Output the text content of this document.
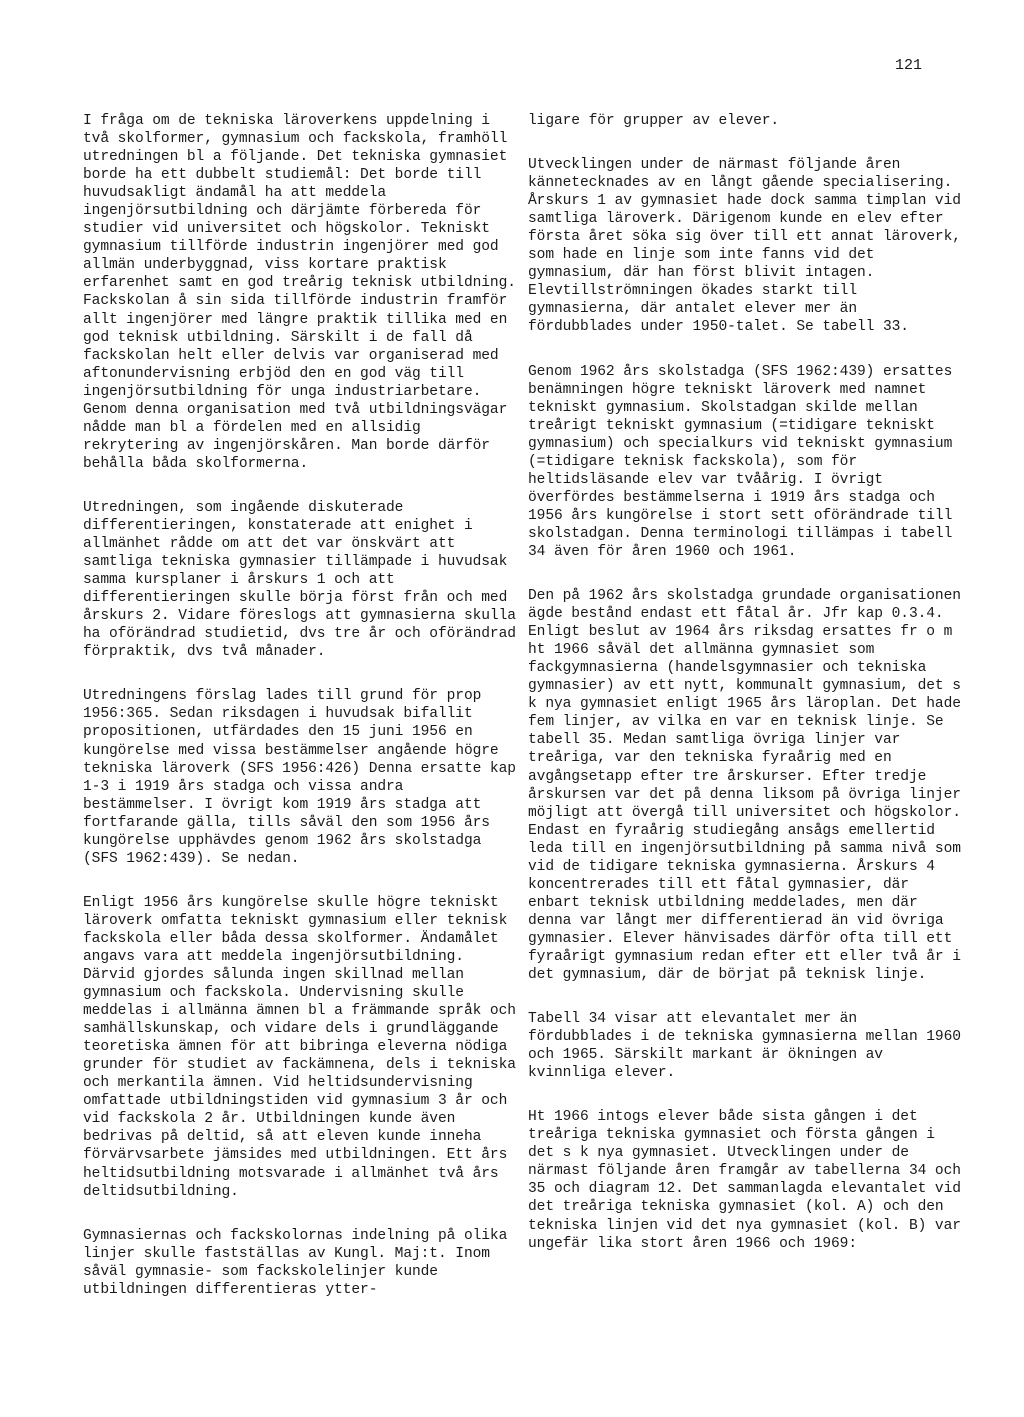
121

I fråga om de tekniska läroverkens uppdelning i två skolformer, gymnasium och fackskola, framhöll utredningen bl a följande. Det tekniska gymnasiet borde ha ett dubbelt studiemål: Det borde till huvudsakligt ändamål ha att meddela ingenjörsutbildning och därjämte förbereda för studier vid universitet och högskolor. Tekniskt gymnasium tillförde industrin ingenjörer med god allmän underbyggnad, viss kortare praktisk erfarenhet samt en god treårig teknisk utbildning. Fackskolan å sin sida tillförde industrin framför allt ingenjörer med längre praktik tillika med en god teknisk utbildning. Särskilt i de fall då fackskolan helt eller delvis var organiserad med aftonundervisning erbjöd den en god väg till ingenjörsutbildning för unga industriarbetare. Genom denna organisation med två utbildningsvägar nådde man bl a fördelen med en allsidig rekrytering av ingenjörskåren. Man borde därför behålla båda skolformerna.

Utredningen, som ingående diskuterade differentieringen, konstaterade att enighet i allmänhet rådde om att det var önskvärt att samtliga tekniska gymnasier tillämpade i huvudsak samma kursplaner i årskurs 1 och att differentieringen skulle börja först från och med årskurs 2. Vidare föreslogs att gymnasierna skulla ha oförändrad studietid, dvs tre år och oförändrad förpraktik, dvs två månader.

Utredningens förslag lades till grund för prop 1956:365. Sedan riksdagen i huvudsak bifallit propositionen, utfärdades den 15 juni 1956 en kungörelse med vissa bestämmelser angående högre tekniska läroverk (SFS 1956:426) Denna ersatte kap 1-3 i 1919 års stadga och vissa andra bestämmelser. I övrigt kom 1919 års stadga att fortfarande gälla, tills såväl den som 1956 års kungörelse upphävdes genom 1962 års skolstadga (SFS 1962:439). Se nedan.

Enligt 1956 års kungörelse skulle högre tekniskt läroverk omfatta tekniskt gymnasium eller teknisk fackskola eller båda dessa skolformer. Ändamålet angavs vara att meddela ingenjörsutbildning. Därvid gjordes sålunda ingen skillnad mellan gymnasium och fackskola. Undervisning skulle meddelas i allmänna ämnen bl a främmande språk och samhällskunskap, och vidare dels i grundläggande teoretiska ämnen för att bibringa eleverna nödiga grunder för studiet av fackämnena, dels i tekniska och merkantila ämnen. Vid heltidsundervisning omfattade utbildningstiden vid gymnasium 3 år och vid fackskola 2 år. Utbildningen kunde även bedrivas på deltid, så att eleven kunde inneha förvärvsarbete jämsides med utbildningen. Ett års heltidsutbildning motsvarade i allmänhet två års deltidsutbildning.

Gymnasiernas och fackskolornas indelning på olika linjer skulle fastställas av Kungl. Maj:t. Inom såväl gymnasie- som fackskolelinjer kunde utbildningen differentieras ytter-

ligare för grupper av elever.

Utvecklingen under de närmast följande åren kännetecknades av en långt gående specialisering. Årskurs 1 av gymnasiet hade dock samma timplan vid samtliga läroverk. Därigenom kunde en elev efter första året söka sig över till ett annat läroverk, som hade en linje som inte fanns vid det gymnasium, där han först blivit intagen. Elevtillströmningen ökades starkt till gymnasierna, där antalet elever mer än fördubblades under 1950-talet. Se tabell 33.

Genom 1962 års skolstadga (SFS 1962:439) ersattes benämningen högre tekniskt läroverk med namnet tekniskt gymnasium. Skolstadgan skilde mellan treårigt tekniskt gymnasium (=tidigare tekniskt gymnasium) och specialkurs vid tekniskt gymnasium (=tidigare teknisk fackskola), som för heltidsläsande elev var tvåårig. I övrigt överfördes bestämmelserna i 1919 års stadga och 1956 års kungörelse i stort sett oförändrade till skolstadgan. Denna terminologi tillämpas i tabell 34 även för åren 1960 och 1961.

Den på 1962 års skolstadga grundade organisationen ägde bestånd endast ett fåtal år. Jfr kap 0.3.4. Enligt beslut av 1964 års riksdag ersattes fr o m ht 1966 såväl det allmänna gymnasiet som fackgymnasierna (handelsgymnasier och tekniska gymnasier) av ett nytt, kommunalt gymnasium, det s k nya gymnasiet enligt 1965 års läroplan. Det hade fem linjer, av vilka en var en teknisk linje. Se tabell 35. Medan samtliga övriga linjer var treåriga, var den tekniska fyraårig med en avgångsetapp efter tre årskurser. Efter tredje årskursen var det på denna liksom på övriga linjer möjligt att övergå till universitet och högskolor. Endast en fyraårig studiegång ansågs emellertid leda till en ingenjörsutbildning på samma nivå som vid de tidigare tekniska gymnasierna. Årskurs 4 koncentrerades till ett fåtal gymnasier, där enbart teknisk utbildning meddelades, men där denna var långt mer differentierad än vid övriga gymnasier. Elever hänvisades därför ofta till ett fyraårigt gymnasium redan efter ett eller två år i det gymnasium, där de börjat på teknisk linje.

Tabell 34 visar att elevantalet mer än fördubblades i de tekniska gymnasierna mellan 1960 och 1965. Särskilt markant är ökningen av kvinnliga elever.

Ht 1966 intogs elever både sista gången i det treåriga tekniska gymnasiet och första gången i det s k nya gymnasiet. Utvecklingen under de närmast följande åren framgår av tabellerna 34 och 35 och diagram 12. Det sammanlagda elevantalet vid det treåriga tekniska gymnasiet (kol. A) och den tekniska linjen vid det nya gymnasiet (kol. B) var ungefär lika stort åren 1966 och 1969:
